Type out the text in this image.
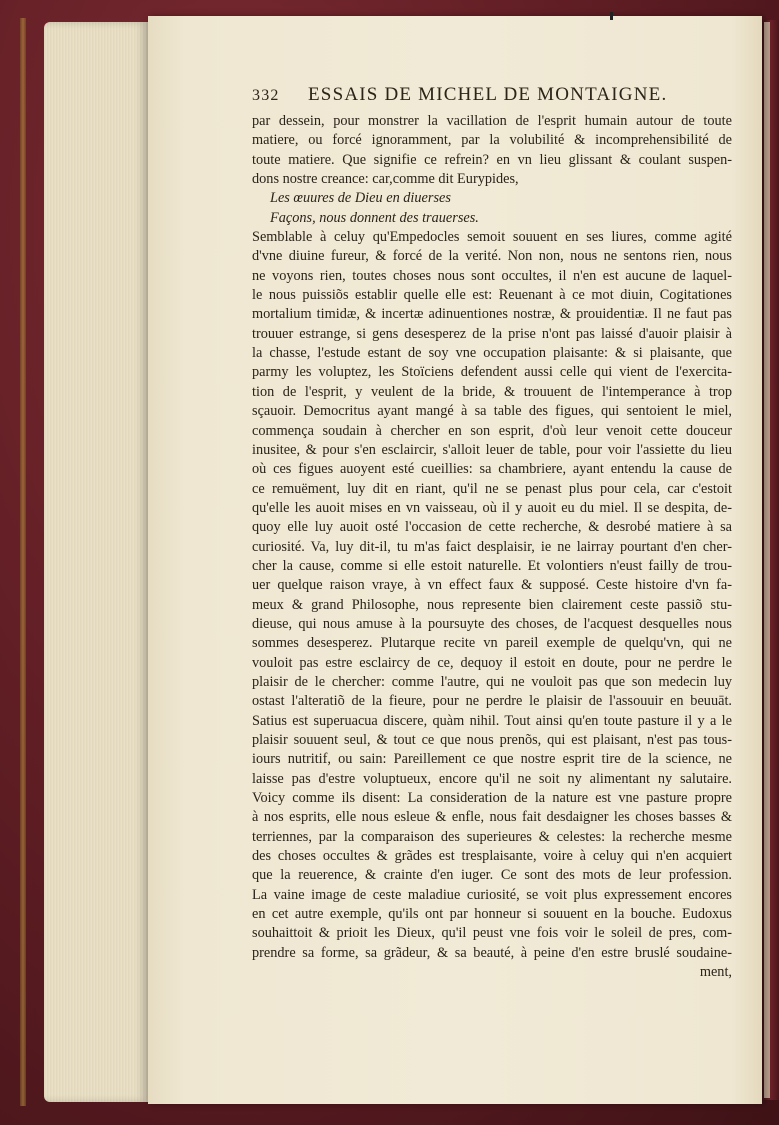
332 ESSAIS DE MICHEL DE MONTAIGNE.
par dessein, pour monstrer la vacillation de l'esprit humain autour de toute
matiere, ou forcé ignoramment, par la volubilité & incomprehensibilité de
toute matiere. Que signifie ce refrein? en vn lieu glissant & coulant suspen-
dons nostre creance: car,comme dit Eurypides,
Les œuures de Dieu en diuerses
Façons, nous donnent des trauerses.
Semblable à celuy qu'Empedocles semoit souuent en ses liures, comme agité
d'vne diuine fureur, & forcé de la verité. Non non, nous ne sentons rien, nous
ne voyons rien, toutes choses nous sont occultes, il n'en est aucune de laquel-
le nous puissiõs establir quelle elle est: Reuenant à ce mot diuin, Cogitationes
mortalium timidæ, & incertæ adinuentiones nostræ, & prouidentiæ. Il ne faut pas
trouuer estrange, si gens desesperez de la prise n'ont pas laissé d'auoir plaisir à
la chasse, l'estude estant de soy vne occupation plaisante: & si plaisante, que
parmy les voluptez, les Stoïciens defendent aussi celle qui vient de l'exercita-
tion de l'esprit, y veulent de la bride, & trouuent de l'intemperance à trop
sçauoir. Democritus ayant mangé à sa table des figues, qui sentoient le miel,
commença soudain à chercher en son esprit, d'où leur venoit cette douceur
inusitee, & pour s'en esclaircir, s'alloit leuer de table, pour voir l'assiette du lieu
où ces figues auoyent esté cueillies: sa chambriere, ayant entendu la cause de
ce remuëment, luy dit en riant, qu'il ne se penast plus pour cela, car c'estoit
qu'elle les auoit mises en vn vaisseau, où il y auoit eu du miel. Il se despita, de-
quoy elle luy auoit osté l'occasion de cette recherche, & desrobé matiere à sa
curiosité. Va, luy dit-il, tu m'as faict desplaisir, ie ne lairray pourtant d'en cher-
cher la cause, comme si elle estoit naturelle. Et volontiers n'eust failly de trou-
uer quelque raison vraye, à vn effect faux & supposé. Ceste histoire d'vn fa-
meux & grand Philosophe, nous represente bien clairement ceste passiõ stu-
dieuse, qui nous amuse à la poursuyte des choses, de l'acquest desquelles nous
sommes desesperez. Plutarque recite vn pareil exemple de quelqu'vn, qui ne
vouloit pas estre esclaircy de ce, dequoy il estoit en doute, pour ne perdre le
plaisir de le chercher: comme l'autre, qui ne vouloit pas que son medecin luy
ostast l'alteratiõ de la fieure, pour ne perdre le plaisir de l'assouuir en beuuāt.
Satius est superuacua discere, quàm nihil. Tout ainsi qu'en toute pasture il y a le
plaisir souuent seul, & tout ce que nous prenõs, qui est plaisant, n'est pas tous-
iours nutritif, ou sain: Pareillement ce que nostre esprit tire de la science, ne
laisse pas d'estre voluptueux, encore qu'il ne soit ny alimentant ny salutaire.
Voicy comme ils disent: La consideration de la nature est vne pasture propre
à nos esprits, elle nous esleue & enfle, nous fait desdaigner les choses basses &
terriennes, par la comparaison des superieures & celestes: la recherche mesme
des choses occultes & grãdes est tresplaisante, voire à celuy qui n'en acquiert
que la reuerence, & crainte d'en iuger. Ce sont des mots de leur profession.
La vaine image de ceste maladiue curiosité, se voit plus expressement encores
en cet autre exemple, qu'ils ont par honneur si souuent en la bouche. Eudoxus
souhaittoit & prioit les Dieux, qu'il peust vne fois voir le soleil de pres, com-
prendre sa forme, sa grãdeur, & sa beauté, à peine d'en estre bruslé soudaine-
ment,
